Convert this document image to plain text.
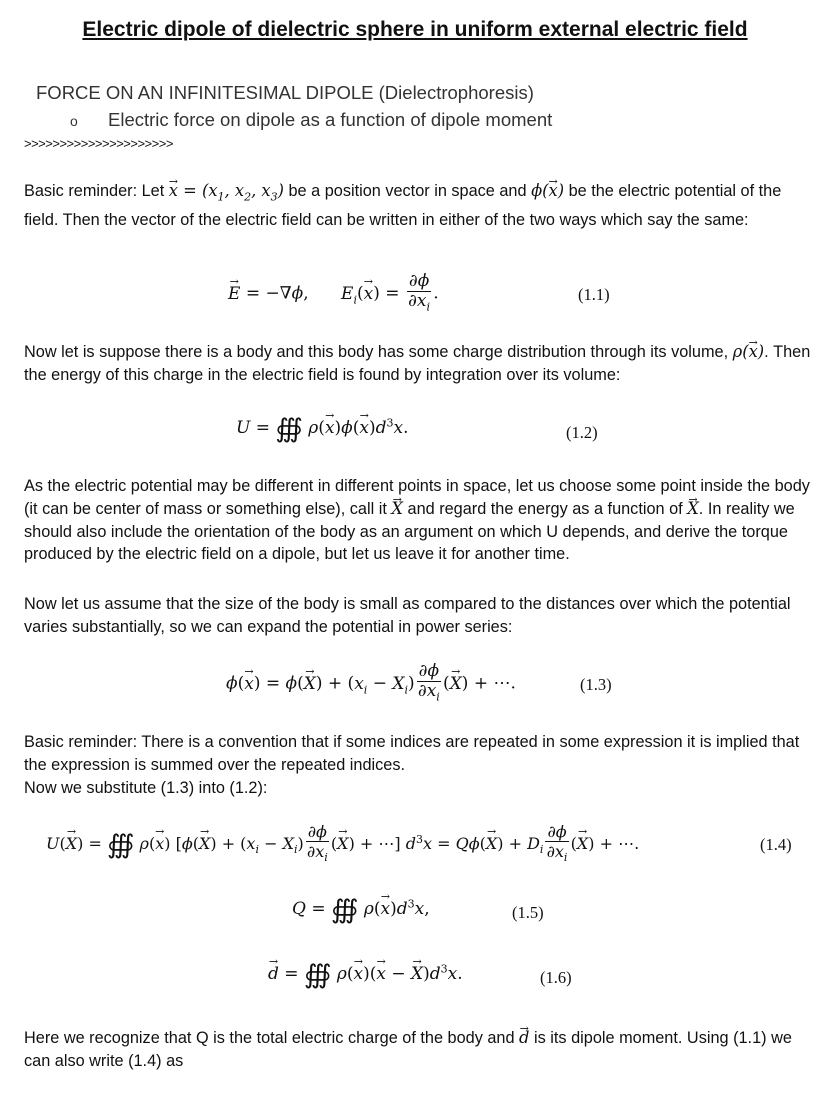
Electric dipole of dielectric sphere in uniform external electric field
FORCE ON AN INFINITESIMAL DIPOLE (Dielectrophoresis)
o Electric force on dipole as a function of dipole moment
>>>>>>>>>>>>>>>>>>>>>
Basic reminder: Let x → = ($x_1$, $x_2$, $x_3$) be a position vector in space and ϕ(x →) be the electric potential of the field. Then the vector of the electric field can be written in either of the two ways which say the same:
E → = −∇ϕ,      $E_i(x$ →) = $\frac{\partial\phi}{\partial x_i}$ .	(1.1)
Now let is suppose there is a body and this body has some charge distribution through its volume, ρ(x →). Then the energy of this charge in the electric field is found by integration over its volume:
U = ∰ $\rho(x \to)\phi(x \to)d^3x$.	(1.2)
As the electric potential may be different in different points in space, let us choose some point inside the body (it can be center of mass or something else), call it X → and regard the energy as a function of X →. In reality we should also include the orientation of the body as an argument on which U depends, and derive the torque produced by the electric field on a dipole, but let us leave it for another time.
Now let us assume that the size of the body is small as compared to the distances over which the potential varies substantially, so we can expand the potential in power series:
ϕ(x →) = ϕ(X →) + $(x_i - X_i) \frac{\partial\phi}{\partial x_i} (X$ →) + ⋯.	(1.3)
Basic reminder: There is a convention that if some indices are repeated in some expression it is implied that the expression is summed over the repeated indices.
Now we substitute (1.3) into (1.2):
U(X →) = ∰ ρ(x →) [ϕ(X →) + $(x_i - X_i) \frac{\partial\phi}{\partial x_i} (X$ →) + ⋯] $d^3x = Q\phi(X$ →) + $D_i \frac{\partial\phi}{\partial x_i} (X$ →) + ⋯.	(1.4)
Q = ∰ $\rho(x \to)d^3x$,	(1.5)
d → = ∰ ρ(x →)(x → − $X \to)d^3x$.	(1.6)
Here we recognize that Q is the total electric charge of the body and d → is its dipole moment. Using (1.1) we can also write (1.4) as
